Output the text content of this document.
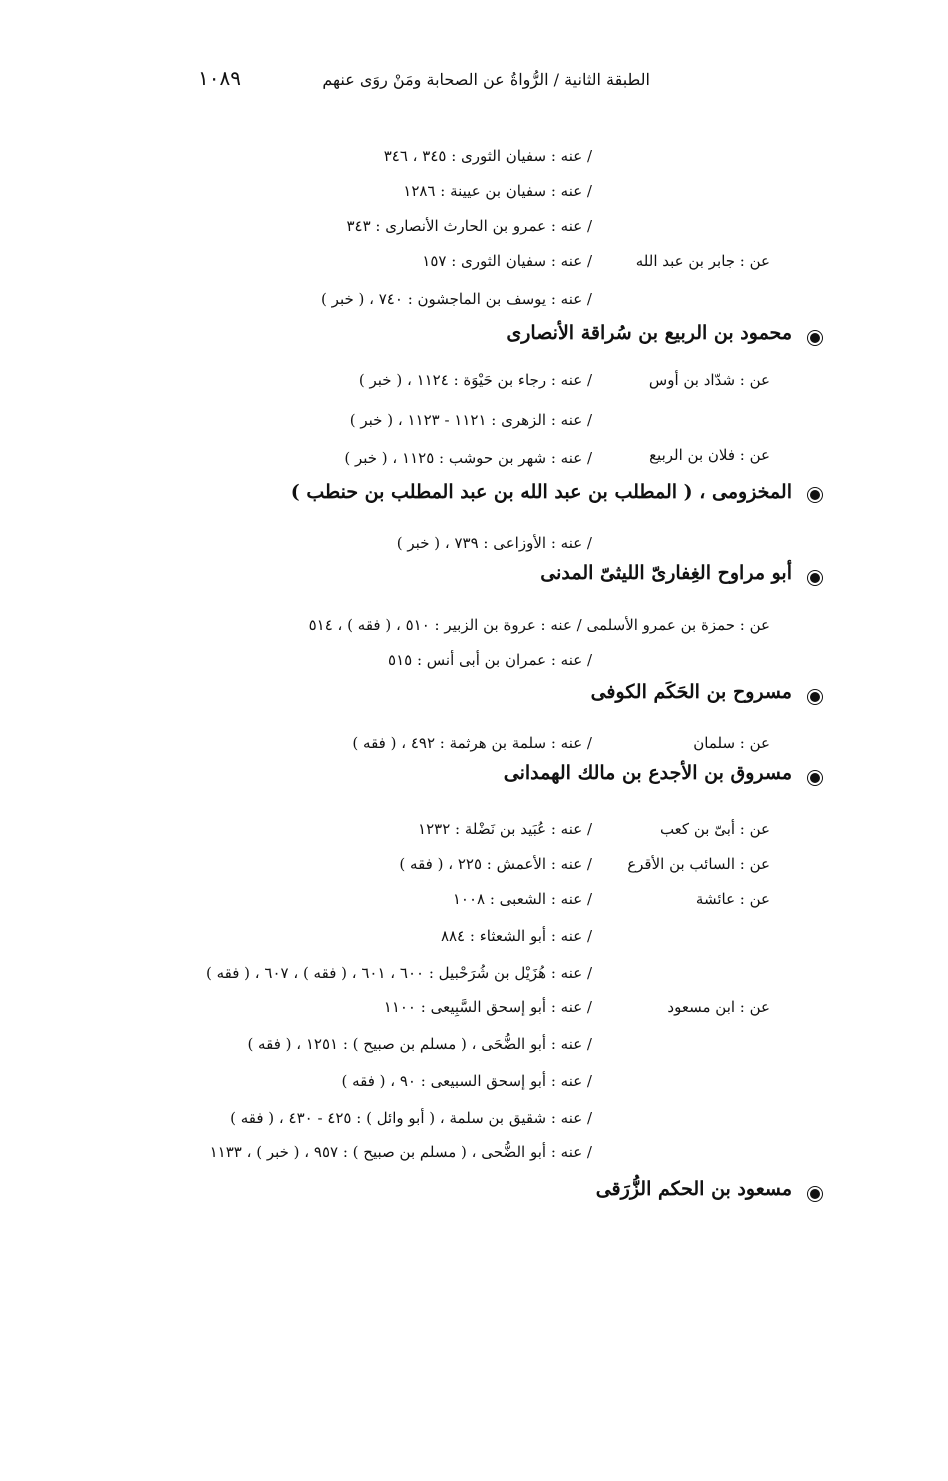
الطبقة الثانية / الرُّواةُ عن الصحابة ومَنْ روَى عنهم
١٠٨٩
/ عنه : سفيان الثورى : ٣٤٥ ، ٣٤٦
/ عنه : سفيان بن عيينة : ١٢٨٦
/ عنه : عمرو بن الحارث الأنصارى : ٣٤٣
عن : جابر بن عبد الله
/ عنه : سفيان الثورى : ١٥٧
/ عنه : يوسف بن الماجشون : ٧٤٠ ، ( خبر )
محمود بن الربيع بن سُراقة الأنصارى
عن : شدّاد بن أوس
/ عنه : رجاء بن حَيْوَة : ١١٢٤ ، ( خبر )
/ عنه : الزهرى : ١١٢١ - ١١٢٣ ، ( خبر )
عن : فلان بن الربيع
/ عنه : شهر بن حوشب : ١١٢٥ ، ( خبر )
المخزومى ، ( المطلب بن عبد الله بن عبد المطلب بن حنطب )
/ عنه : الأوزاعى : ٧٣٩ ، ( خبر )
أبو مراوح الغِفارىّ الليثىّ المدنى
عن : حمزة بن عمرو الأسلمى / عنه : عروة بن الزبير : ٥١٠ ، ( فقه ) ، ٥١٤
/ عنه : عمران بن أبى أنس : ٥١٥
مسروح بن الحَكَم الكوفى
عن : سلمان
/ عنه : سلمة بن هرثمة : ٤٩٢ ، ( فقه )
مسروق بن الأجدع بن مالك الهمدانى
عن : أبىّ بن كعب
/ عنه : عُبَيد بن نَضْلة : ١٢٣٢
عن : السائب بن الأقرع
/ عنه : الأعمش : ٢٢٥ ، ( فقه )
عن : عائشة
/ عنه : الشعبى : ١٠٠٨
/ عنه : أبو الشعثاء : ٨٨٤
/ عنه : هُزَيْل بن شُرَحْبيل : ٦٠٠ ، ٦٠١ ، ( فقه ) ، ٦٠٧ ، ( فقه )
عن : ابن مسعود
/ عنه : أبو إسحق السَّبِيعى : ١١٠٠
/ عنه : أبو الضُّحَى ، ( مسلم بن صبيح ) : ١٢٥١ ، ( فقه )
/ عنه : أبو إسحق السبيعى : ٩٠ ، ( فقه )
/ عنه : شقيق بن سلمة ، ( أبو وائل ) : ٤٢٥ - ٤٣٠ ، ( فقه )
/ عنه : أبو الضُّحى ، ( مسلم بن صبيح ) : ٩٥٧ ، ( خبر ) ، ١١٣٣
مسعود بن الحكم الزُّرَقى
